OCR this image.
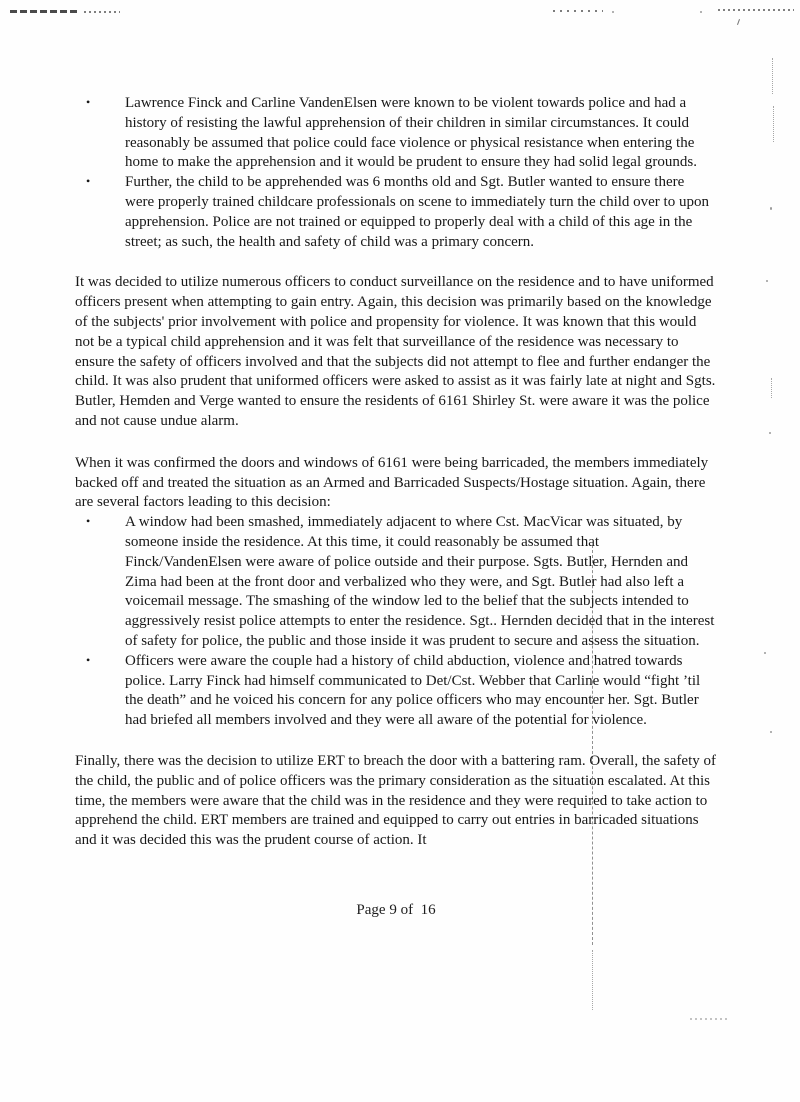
• Lawrence Finck and Carline VandenElsen were known to be violent towards police and had a history of resisting the lawful apprehension of their children in similar circumstances. It could reasonably be assumed that police could face violence or physical resistance when entering the home to make the apprehension and it would be prudent to ensure they had solid legal grounds.
• Further, the child to be apprehended was 6 months old and Sgt. Butler wanted to ensure there were properly trained childcare professionals on scene to immediately turn the child over to upon apprehension. Police are not trained or equipped to properly deal with a child of this age in the street; as such, the health and safety of child was a primary concern.

It was decided to utilize numerous officers to conduct surveillance on the residence and to have uniformed officers present when attempting to gain entry. Again, this decision was primarily based on the knowledge of the subjects' prior involvement with police and propensity for violence. It was known that this would not be a typical child apprehension and it was felt that surveillance of the residence was necessary to ensure the safety of officers involved and that the subjects did not attempt to flee and further endanger the child. It was also prudent that uniformed officers were asked to assist as it was fairly late at night and Sgts. Butler, Hemden and Verge wanted to ensure the residents of 6161 Shirley St. were aware it was the police and not cause undue alarm.

When it was confirmed the doors and windows of 6161 were being barricaded, the members immediately backed off and treated the situation as an Armed and Barricaded Suspects/Hostage situation. Again, there are several factors leading to this decision:

• A window had been smashed, immediately adjacent to where Cst. MacVicar was situated, by someone inside the residence. At this time, it could reasonably be assumed that Finck/VandenElsen were aware of police outside and their purpose. Sgts. Butler, Hernden and Zima had been at the front door and verbalized who they were, and Sgt. Butler had also left a voicemail message. The smashing of the window led to the belief that the subjects intended to aggressively resist police attempts to enter the residence. Sgt.. Hernden decided that in the interest of safety for police, the public and those inside it was prudent to secure and assess the situation.
• Officers were aware the couple had a history of child abduction, violence and hatred towards police. Larry Finck had himself communicated to Det/Cst. Webber that Carline would “fight ’til the death” and he voiced his concern for any police officers who may encounter her. Sgt. Butler had briefed all members involved and they were all aware of the potential for violence.

Finally, there was the decision to utilize ERT to breach the door with a battering ram. Overall, the safety of the child, the public and of police officers was the primary consideration as the situation escalated. At this time, the members were aware that the child was in the residence and they were required to take action to apprehend the child. ERT members are trained and equipped to carry out entries in barricaded situations and it was decided this was the prudent course of action. It

Page 9 of  16
